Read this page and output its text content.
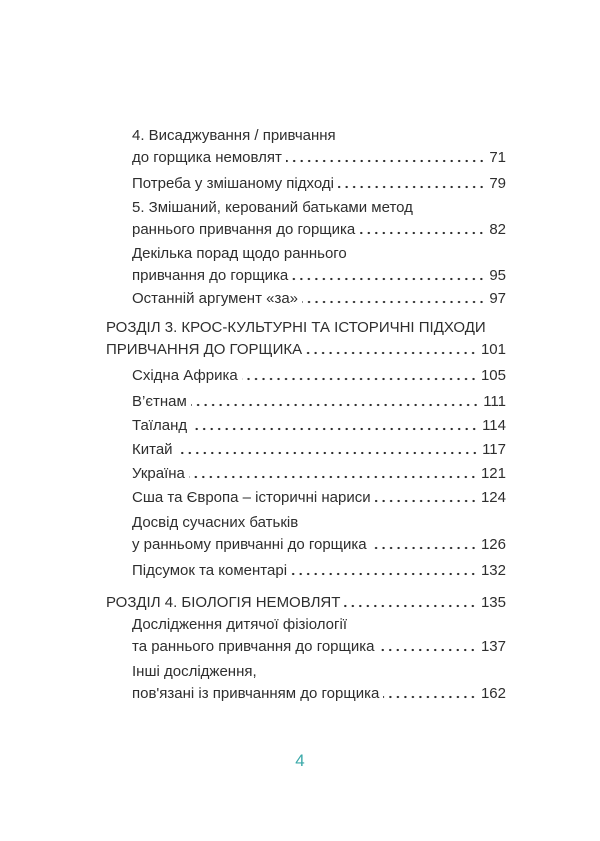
4. Висаджування / привчання
до горщика немовлят	71
Потреба у змішаному підході	79
5. Змішаний, керований батьками метод
раннього привчання до горщика	82
Декілька порад щодо раннього
привчання до горщика	95
Останній аргумент «за»	97
РОЗДІЛ 3. КРОС-КУЛЬТУРНІ ТА ІСТОРИЧНІ ПІДХОДИ
ПРИВЧАННЯ ДО ГОРЩИКА	101
Східна Африка	105
В’єтнам	111
Таїланд	114
Китай	117
Україна	121
Сша та Європа – історичні нариси	124
Досвід сучасних батьків
у ранньому привчанні до горщика	126
Підсумок та коментарі	132
РОЗДІЛ 4. БІОЛОГІЯ НЕМОВЛЯТ	135
Дослідження дитячої фізіології
та раннього привчання до горщика	137
Інші дослідження,
пов'язані із привчанням до горщика	162
4
